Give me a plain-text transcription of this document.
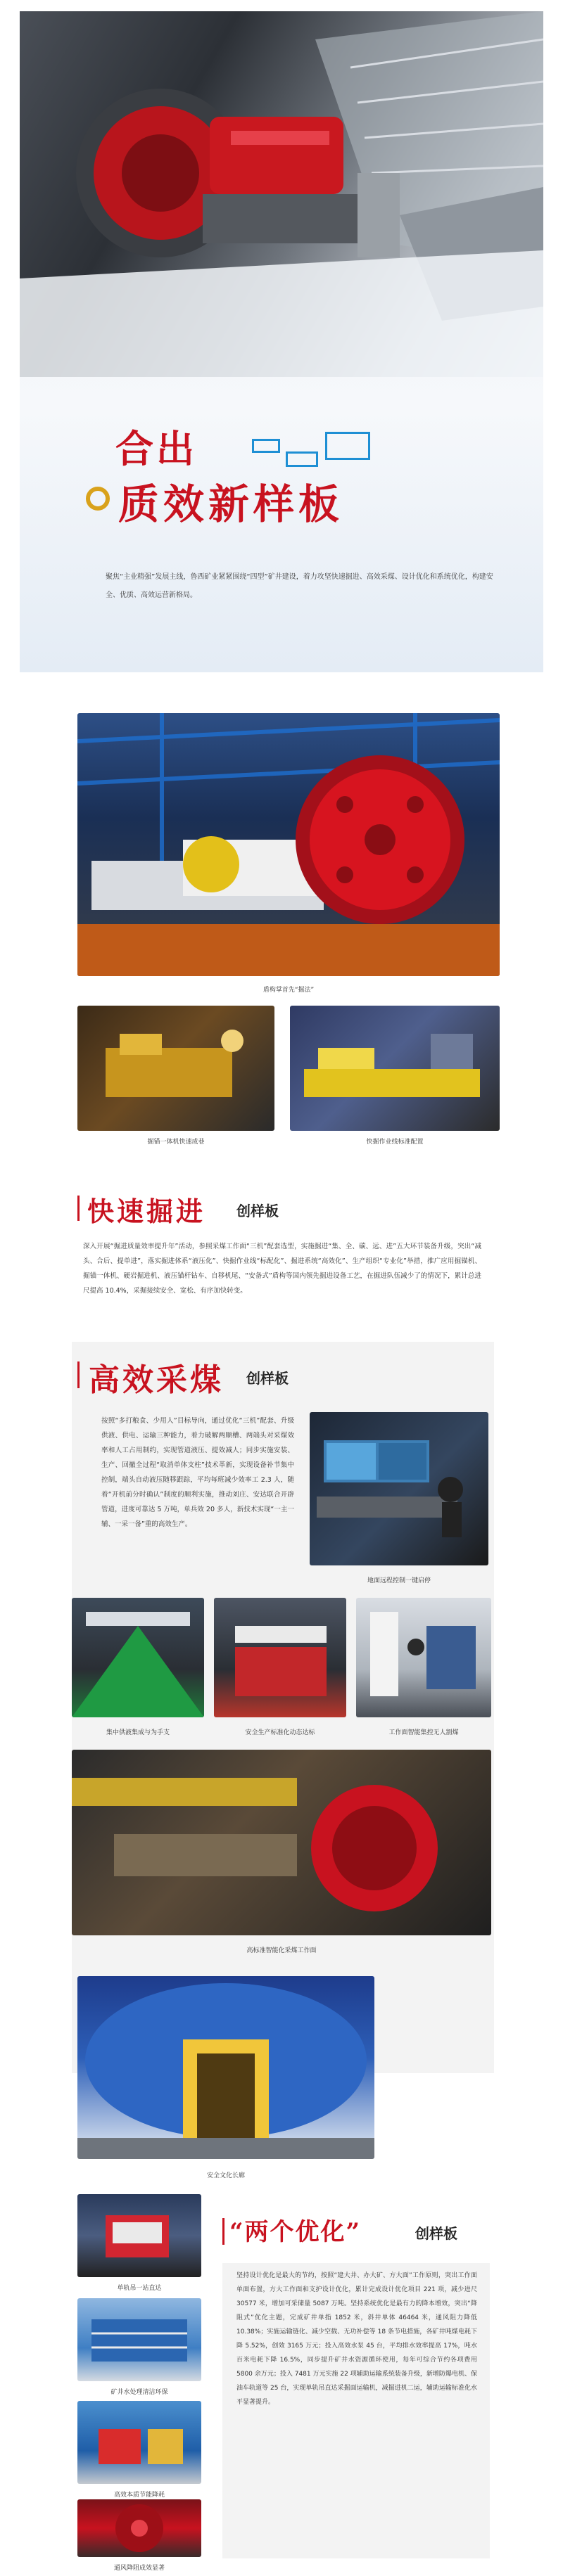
合出
质效新样板
聚焦“主业精强”发展主线，鲁西矿业紧紧围绕“四型”矿井建设，着力攻坚快速掘进、高效采煤、设计优化和系统优化，构建安全、优质、高效运营新格局。
盾构掌首先“掘法”
掘锚一体机快速成巷	快掘作业线标准配置
快速掘进 创样板
深入开展“掘进质量效率提升年”活动，参照采煤工作面“三机”配套选型，实施掘进“集、全、碳、远、进”五大环节装备升级，突出“减头、合后、提单进”，落实掘进体系“液压化”、快掘作业线“标配化”、掘进系统“高效化”、生产组织“专业化”举措，推广应用掘锚机、掘锚一体机、硬岩掘进机、液压锚杆钻车、自移机尾、“安备式”盾构等国内领先掘进设备工艺，在掘进队伍减少了的情况下，累计总进尺提高 10.4%，采掘接续安全、宽松、有序加快转变。
高效采煤 创样板
按照“多打粮食、少用人”目标导向，通过优化“三机”配套、升级供液、供电、运输三种能力，着力破解两顺槽、两端头对采煤效率和人工占用制约，实现管道液压、提效减人；同步实施安装、生产、回撤全过程“取消单体支柱”技术革新，实现设备补节集中控制，端头自动液压随移跟踪，平均每班减少效率工 2.3 人，随着“开机前分时确认”制度的顺利实施，推动刘庄、安达联合开辟管道，进度可靠达 5 万吨，单兵效 20 多人，新技术实现“一主一辅、一采一备”重的高效生产。
地面远程控制一键启停
集中供液集成与为手支	安全生产标准化动态达标	工作面智能集控无人割煤
高标准智能化采煤工作面
安全文化长廊
单轨吊一站直达
矿井水处理清洁环保
高效本质节能降耗
通风降阻成效显著
“两个优化”	创样板
坚持设计优化是最大的节约，按照“建大井、办大矿、方大面”工作原则，突出工作面单面布置，方大工作面和支护设计优化，累计完成设计优化项目 221 项，减少进尺 30577 米，增加可采储量 5087 万吨。坚持系统优化是最有力的降本增效，突出“降阻式”优化主题，完成矿井单指 1852 米，斜井单体 46464 米，通风阻力降低 10.38%；实施运输链化、减少空载、无功补偿等 18 条节电措施，各矿井吨煤电耗下降 5.52%，创效 3165 万元；投入高效水泵 45 台，平均排水效率提高 17%，吨水百米电耗下降 16.5%，同步提升矿井水资源循环使用，每年可综合节约各项费用 5800 余万元；投入 7481 万元实施 22 项辅助运输系统装备升级，新增防爆电机、保油车轨道等 25 台，实现单轨吊直达采掘面运输机，减掘进机二运，辅助运输标准化水平显著提升。
